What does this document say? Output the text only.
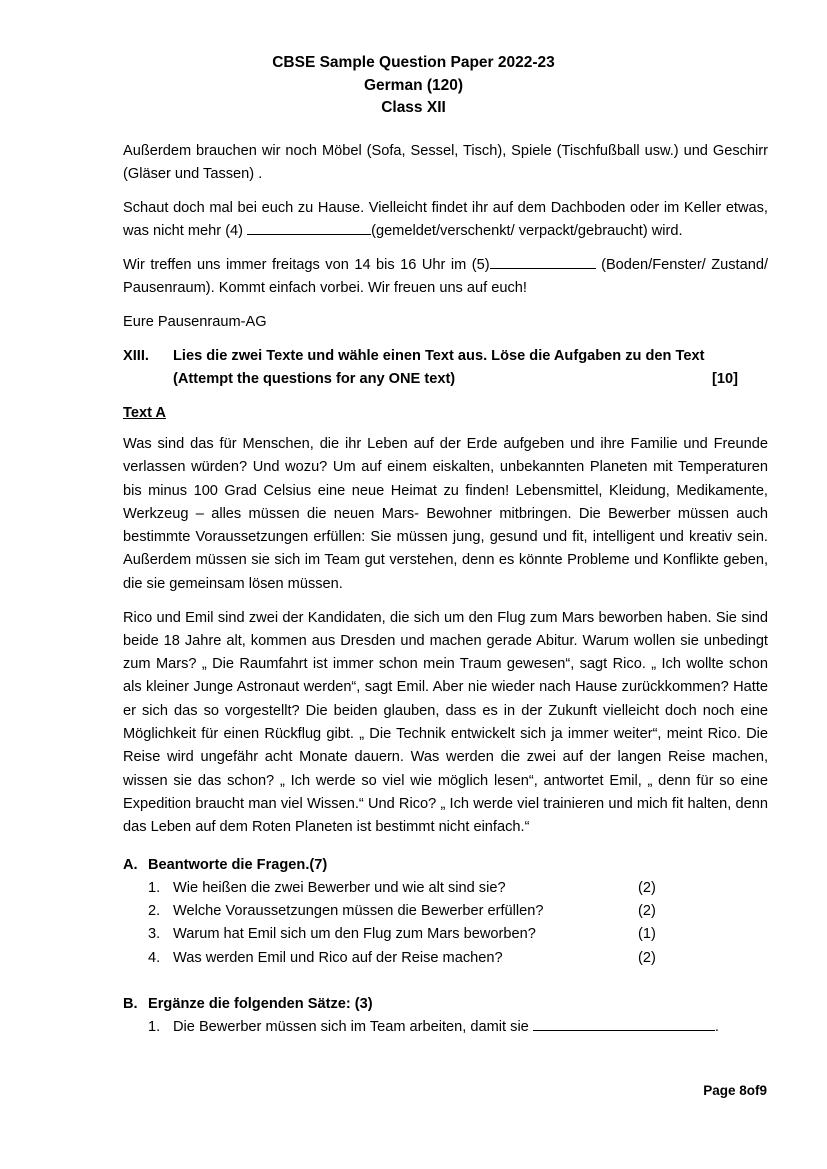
CBSE Sample Question Paper 2022-23
German (120)
Class XII

Außerdem brauchen wir noch Möbel (Sofa, Sessel, Tisch), Spiele (Tischfußball usw.) und Geschirr (Gläser und Tassen) .

Schaut doch mal bei euch zu Hause. Vielleicht findet ihr auf dem Dachboden oder im Keller etwas, was nicht mehr (4)	(gemeldet/verschenkt/ verpackt/gebraucht) wird.

Wir treffen uns immer freitags von 14 bis 16 Uhr im (5)	(Boden/Fenster/ Zustand/ Pausenraum). Kommt einfach vorbei. Wir freuen uns auf euch!

Eure Pausenraum-AG

XIII.	Lies die zwei Texte und wähle einen Text aus. Löse die Aufgaben zu den Text
(Attempt the questions for any ONE text)	[10]
Text A

Was sind das für Menschen, die ihr Leben auf der Erde aufgeben und ihre Familie und Freunde verlassen würden? Und wozu? Um auf einem eiskalten, unbekannten Planeten mit Temperaturen bis minus 100 Grad Celsius eine neue Heimat zu finden! Lebensmittel, Kleidung, Medikamente, Werkzeug – alles müssen die neuen Mars- Bewohner mitbringen. Die Bewerber müssen auch bestimmte Voraussetzungen erfüllen: Sie müssen jung, gesund und fit, intelligent und kreativ sein. Außerdem müssen sie sich im Team gut verstehen, denn es könnte Probleme und Konflikte geben, die sie gemeinsam lösen müssen.

Rico und Emil sind zwei der Kandidaten, die sich um den Flug zum Mars beworben haben. Sie sind beide 18 Jahre alt, kommen aus Dresden und machen gerade Abitur. Warum wollen sie unbedingt zum Mars? „ Die Raumfahrt ist immer schon mein Traum gewesen“, sagt Rico. „ Ich wollte schon als kleiner Junge Astronaut werden“, sagt Emil. Aber nie wieder nach Hause zurückkommen? Hatte er sich das so vorgestellt? Die beiden glauben, dass es in der Zukunft vielleicht doch noch eine Möglichkeit für einen Rückflug gibt. „ Die Technik entwickelt sich ja immer weiter“, meint Rico. Die Reise wird ungefähr acht Monate dauern. Was werden die zwei auf der langen Reise machen, wissen sie das schon? „ Ich werde so viel wie möglich lesen“, antwortet Emil, „ denn für so eine Expedition braucht man viel Wissen.“ Und Rico? „ Ich werde viel trainieren und mich fit halten, denn das Leben auf dem Roten Planeten ist bestimmt nicht einfach.“

A. Beantworte die Fragen.(7)
1. Wie heißen die zwei Bewerber und wie alt sind sie?	(2)
2. Welche Voraussetzungen müssen die Bewerber erfüllen?	(2)
3. Warum hat Emil sich um den Flug zum Mars beworben?	(1)
4. Was werden Emil und Rico auf der Reise machen?	(2)
B. Ergänze die folgenden Sätze: (3)
1. Die Bewerber müssen sich im Team arbeiten, damit sie	.
Page 8of9
